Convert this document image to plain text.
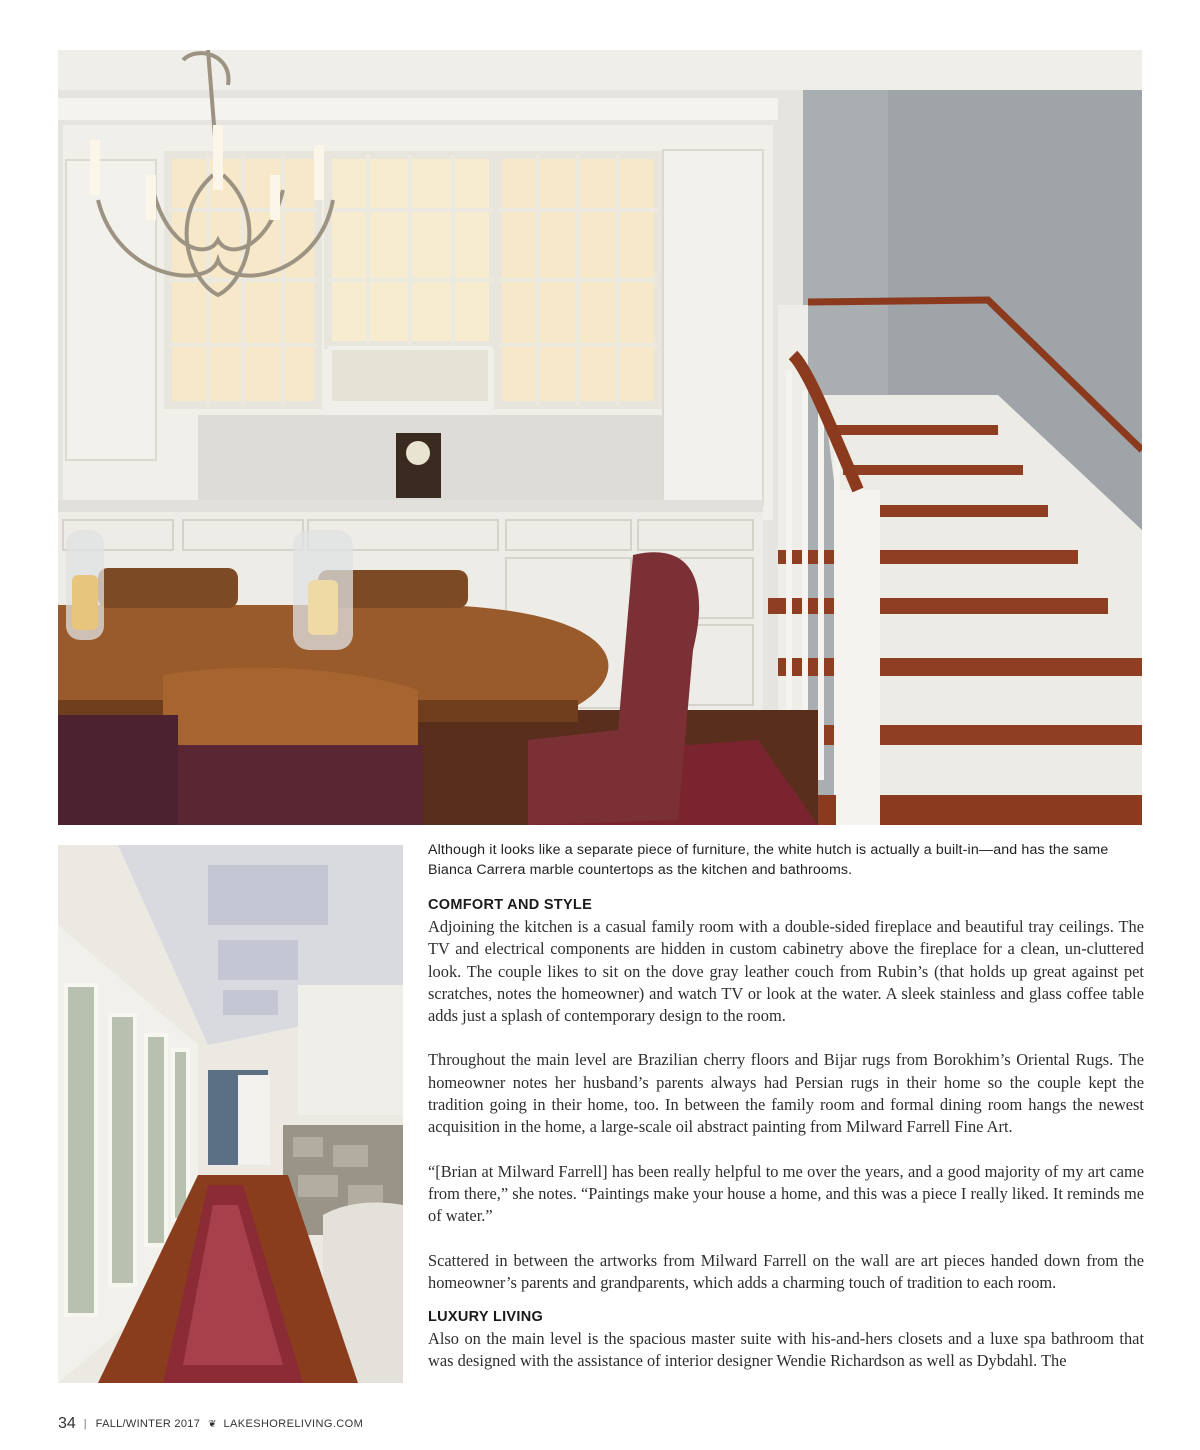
Although it looks like a separate piece of furniture, the white hutch is actually a built-in—and has the same Bianca Carrera marble countertops as the kitchen and bathrooms.
COMFORT AND STYLE

Adjoining the kitchen is a casual family room with a double-sided fireplace and beautiful tray ceilings. The TV and electrical components are hidden in custom cabinetry above the fireplace for a clean, un-cluttered look. The couple likes to sit on the dove gray leather couch from Rubin’s (that holds up great against pet scratches, notes the homeowner) and watch TV or look at the water. A sleek stainless and glass coffee table adds just a splash of contemporary design to the room.

Throughout the main level are Brazilian cherry floors and Bijar rugs from Borokhim’s Oriental Rugs. The homeowner notes her husband’s parents always had Persian rugs in their home so the couple kept the tradition going in their home, too. In between the family room and formal dining room hangs the newest acquisition in the home, a large-scale oil abstract painting from Milward Farrell Fine Art.

“[Brian at Milward Farrell] has been really helpful to me over the years, and a good majority of my art came from there,” she notes. “Paintings make your house a home, and this was a piece I really liked. It reminds me of water.”

Scattered in between the artworks from Milward Farrell on the wall are art pieces handed down from the homeowner’s parents and grandparents, which adds a charming touch of tradition to each room.

LUXURY LIVING

Also on the main level is the spacious master suite with his-and-hers closets and a luxe spa bathroom that was designed with the assistance of interior designer Wendie Richardson as well as Dybdahl. The

34 | FALL/WINTER 2017 ❦ LAKESHORELIVING.COM
